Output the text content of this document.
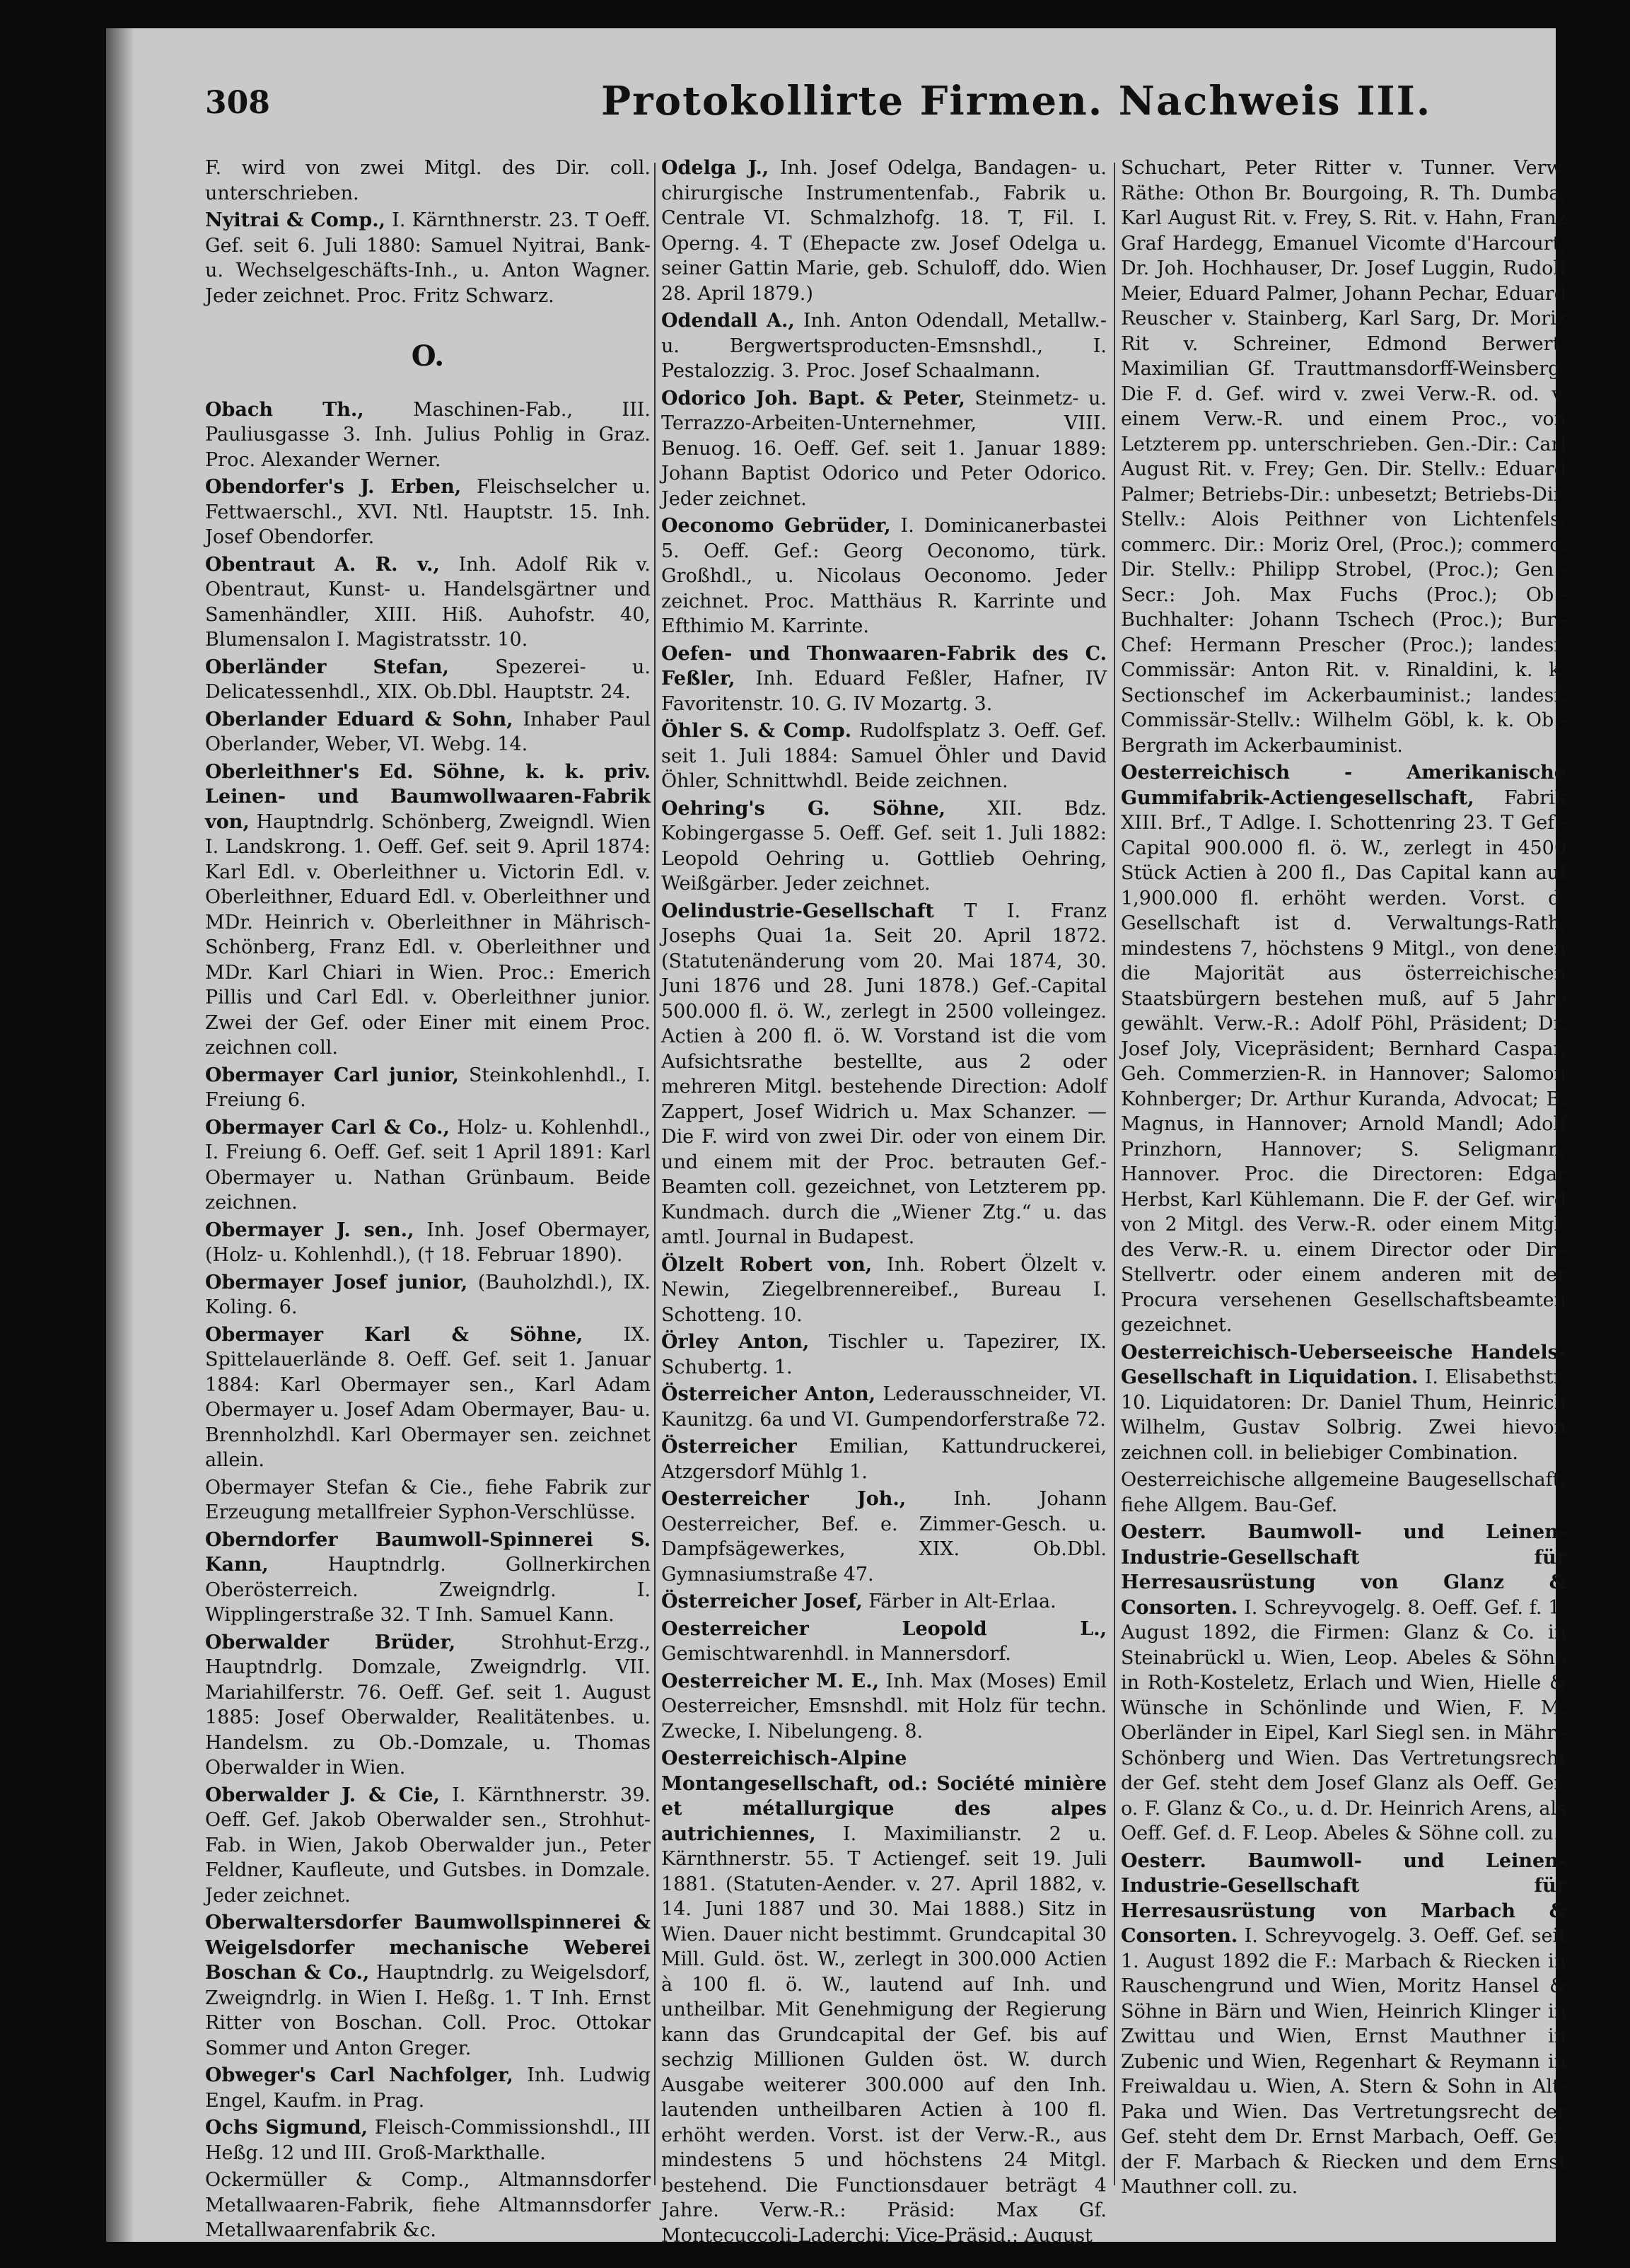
308	Protokollirte Firmen. Nachweis III.

F. wird von zwei Mitgl. des Dir. coll. unterschrieben.

Nyitrai & Comp., I. Kärnthnerstr. 23. T Oeff. Gef. seit 6. Juli 1880: Samuel Nyitrai, Bank- u. Wechselgeschäfts-Inh., u. Anton Wagner. Jeder zeichnet. Proc. Fritz Schwarz.

O.

Obach Th.,	Maschinen-Fab., III. Pauliusgasse 3. Inh. Julius Pohlig in Graz. Proc. Alexander Werner.

Obendorfer's J. Erben, Fleischselcher u. Fettwaerschl., XVI. Ntl. Hauptstr. 15. Inh. Josef Obendorfer.

Obentraut A. R. v., Inh. Adolf Rik v. Obentraut, Kunst- u. Handelsgärtner und Samenhändler, XIII. Hiß. Auhofstr. 40, Blumensalon I. Magistratsstr. 10.

Oberländer Stefan, Spezerei- u. Delicatessenhdl., XIX. Ob.Dbl. Hauptstr. 24.

Oberlander Eduard & Sohn, Inhaber Paul Oberlander, Weber, VI. Webg. 14.

Oberleithner's Ed. Söhne, k. k. priv. Leinen- und Baumwollwaaren-Fabrik von, Hauptndrlg. Schönberg, Zweigndl. Wien I. Landskrong. 1. Oeff. Gef. seit 9. April 1874: Karl Edl. v. Oberleithner u. Victorin Edl. v. Oberleithner, Eduard Edl. v. Oberleithner und MDr. Heinrich v. Oberleithner in Mährisch-Schönberg, Franz Edl. v. Oberleithner und MDr. Karl Chiari in Wien. Proc.: Emerich Pillis und Carl Edl. v. Oberleithner junior. Zwei der Gef. oder Einer mit einem Proc. zeichnen coll.

Obermayer Carl junior, Steinkohlenhdl., I. Freiung 6.

Obermayer Carl & Co., Holz- u. Kohlenhdl., I. Freiung 6. Oeff. Gef. seit 1 April 1891: Karl Obermayer u. Nathan Grünbaum. Beide zeichnen.

Obermayer J. sen., Inh. Josef Obermayer, (Holz- u. Kohlenhdl.), († 18. Februar 1890).

Obermayer Josef junior, (Bauholzhdl.), IX. Koling. 6.

Obermayer Karl & Söhne, IX. Spittelauerlände 8. Oeff. Gef. seit 1. Januar 1884: Karl Obermayer sen., Karl Adam Obermayer u. Josef Adam Obermayer, Bau- u. Brennholzhdl. Karl Obermayer sen. zeichnet allein.

Obermayer Stefan & Cie., fiehe Fabrik zur Erzeugung metallfreier Syphon-Verschlüsse.

Oberndorfer Baumwoll-Spinnerei S. Kann,	Hauptndrlg. Gollnerkirchen Oberösterreich. Zweigndrlg. I. Wipplingerstraße 32. T Inh. Samuel Kann.

Oberwalder Brüder, Strohhut-Erzg., Hauptndrlg. Domzale, Zweigndrlg. VII. Mariahilferstr. 76. Oeff. Gef. seit 1. August 1885: Josef Oberwalder, Realitätenbes. u. Handelsm. zu Ob.-Domzale, u. Thomas Oberwalder in Wien.

Oberwalder J. & Cie, I. Kärnthnerstr. 39. Oeff. Gef. Jakob Oberwalder sen., Strohhut-Fab. in Wien, Jakob Oberwalder jun., Peter Feldner, Kaufleute, und Gutsbes. in Domzale. Jeder zeichnet.

Oberwaltersdorfer Baumwollspinnerei & Weigelsdorfer mechanische Weberei Boschan & Co., Hauptndrlg. zu Weigelsdorf, Zweigndrlg. in Wien I. Heßg. 1. T Inh. Ernst Ritter von Boschan. Coll. Proc. Ottokar Sommer und Anton Greger.

Obweger's Carl Nachfolger, Inh. Ludwig Engel, Kaufm. in Prag.

Ochs Sigmund, Fleisch-Commissionshdl., III Heßg. 12 und III. Groß-Markthalle.

Ockermüller & Comp., Altmannsdorfer Metallwaaren-Fabrik, fiehe Altmannsdorfer Metallwaarenfabrik &c.

Odelga J., Inh. Josef Odelga, Bandagen- u. chirurgische Instrumentenfab., Fabrik u. Centrale VI. Schmalzhofg. 18. T, Fil. I. Operng. 4. T (Ehepacte zw. Josef Odelga u. seiner Gattin Marie, geb. Schuloff, ddo. Wien 28. April 1879.)

Odendall A., Inh. Anton Odendall, Metallw.- u. Bergwertsproducten-Emsnshdl., I. Pestalozzig. 3. Proc. Josef Schaalmann.

Odorico Joh. Bapt. & Peter, Steinmetz- u. Terrazzo-Arbeiten-Unternehmer, VIII. Benuog. 16. Oeff. Gef. seit 1. Januar 1889: Johann Baptist Odorico und Peter Odorico. Jeder zeichnet.

Oeconomo Gebrüder, I. Dominicanerbastei 5. Oeff. Gef.: Georg Oeconomo, türk. Großhdl., u. Nicolaus Oeconomo. Jeder zeichnet. Proc. Matthäus R. Karrinte und Efthimio M. Karrinte.

Oefen- und Thonwaaren-Fabrik des C. Feßler, Inh. Eduard Feßler, Hafner, IV Favoritenstr. 10. G. IV Mozartg. 3.

Öhler S. & Comp. Rudolfsplatz 3. Oeff. Gef. seit 1. Juli 1884: Samuel Öhler und David Öhler, Schnittwhdl. Beide zeichnen.

Oehring's G. Söhne, XII. Bdz. Kobingergasse 5. Oeff. Gef. seit 1. Juli 1882: Leopold Oehring u. Gottlieb Oehring, Weißgärber. Jeder zeichnet.

Oelindustrie-Gesellschaft T I. Franz Josephs Quai 1a. Seit 20. April 1872. (Statutenänderung vom 20. Mai 1874, 30. Juni 1876 und 28. Juni 1878.) Gef.-Capital 500.000 fl. ö. W., zerlegt in 2500 volleingez. Actien à 200 fl. ö. W. Vorstand ist die vom Aufsichtsrathe bestellte, aus 2 oder mehreren Mitgl. bestehende Direction: Adolf Zappert, Josef Widrich u. Max Schanzer. — Die F. wird von zwei Dir. oder von einem Dir. und einem mit der Proc. betrauten Gef.-Beamten coll. gezeichnet, von Letzterem pp. Kundmach. durch die „Wiener Ztg.“ u. das amtl. Journal in Budapest.

Ölzelt Robert von, Inh. Robert Ölzelt v. Newin, Ziegelbrennereibef., Bureau I. Schotteng. 10.

Örley Anton, Tischler u. Tapezirer, IX. Schubertg. 1.

Österreicher Anton, Lederausschneider, VI. Kaunitzg. 6a und VI. Gumpendorferstraße 72.

Österreicher Emilian, Kattundruckerei, Atzgersdorf Mühlg 1.

Oesterreicher Joh., Inh. Johann Oesterreicher, Bef. e. Zimmer-Gesch. u. Dampfsägewerkes, XIX. Ob.Dbl. Gymnasiumstraße 47.

Österreicher Josef, Färber in Alt-Erlaa.

Oesterreicher Leopold L., Gemischtwarenhdl. in Mannersdorf.

Oesterreicher M. E., Inh. Max (Moses) Emil Oesterreicher, Emsnshdl. mit Holz für techn. Zwecke, I. Nibelungeng. 8.

Oesterreichisch-Alpine Montangesellschaft, od.: Société minière et métallurgique des alpes autrichiennes, I. Maximilianstr. 2 u. Kärnthnerstr. 55. T Actiengef. seit 19. Juli 1881. (Statuten-Aender. v. 27. April 1882, v. 14. Juni 1887 und 30. Mai 1888.) Sitz in Wien. Dauer nicht bestimmt. Grundcapital 30 Mill. Guld. öst. W., zerlegt in 300.000 Actien à 100 fl. ö. W., lautend auf Inh. und untheilbar. Mit Genehmigung der Regierung kann das Grundcapital der Gef. bis auf sechzig Millionen Gulden öst. W. durch Ausgabe weiterer 300.000 auf den Inh. lautenden untheilbaren Actien à 100 fl. erhöht werden. Vorst. ist der Verw.-R., aus mindestens 5 und höchstens 24 Mitgl. bestehend. Die Functionsdauer beträgt 4 Jahre. Verw.-R.: Präsid: Max Gf. Montecuccoli-Laderchi; Vice-Präsid.: August

Schuchart, Peter Ritter v. Tunner. Verw. Räthe: Othon Br. Bourgoing, R. Th. Dumba, Karl August Rit. v. Frey, S. Rit. v. Hahn, Franz Graf Hardegg, Emanuel Vicomte d'Harcourt, Dr. Joh. Hochhauser, Dr. Josef Luggin, Rudolf Meier, Eduard Palmer, Johann Pechar, Eduard Reuscher v. Stainberg, Karl Sarg, Dr. Moriz Rit v. Schreiner, Edmond Berwert, Maximilian Gf. Trauttmansdorff-Weinsberg. Die F. d. Gef. wird v. zwei Verw.-R. od. v. einem Verw.-R. und einem Proc., von Letzterem pp. unterschrieben. Gen.-Dir.: Carl August Rit. v. Frey; Gen. Dir. Stellv.: Eduard Palmer; Betriebs-Dir.: unbesetzt; Betriebs-Dir. Stellv.: Alois Peithner von Lichtenfels; commerc. Dir.: Moriz Orel, (Proc.); commerc. Dir. Stellv.: Philipp Strobel, (Proc.); Gen.-Secr.: Joh. Max Fuchs (Proc.); Ob.-Buchhalter: Johann Tschech (Proc.); Bur.-Chef: Hermann Prescher (Proc.); landesf. Commissär: Anton Rit. v. Rinaldini, k. k. Sectionschef im Ackerbauminist.; landesf. Commissär-Stellv.: Wilhelm Göbl, k. k. Ob.-Bergrath im Ackerbauminist.

Oesterreichisch - Amerikanische Gummifabrik-Actiengesellschaft, Fabrik XIII. Brf., T Adlge. I. Schottenring 23. T Gef.-Capital 900.000 fl. ö. W., zerlegt in 4500 Stück Actien à 200 fl., Das Capital kann auf 1,900.000 fl. erhöht werden. Vorst. d. Gesellschaft ist d. Verwaltungs-Rath, mindestens 7, höchstens 9 Mitgl., von denen die Majorität aus österreichischen Staatsbürgern bestehen muß, auf 5 Jahre gewählt. Verw.-R.: Adolf Pöhl, Präsident; Dr. Josef Joly, Vicepräsident; Bernhard Caspar, Geh. Commerzien-R. in Hannover; Salomon Kohnberger; Dr. Arthur Kuranda, Advocat; B. Magnus, in Hannover; Arnold Mandl; Adolf Prinzhorn, Hannover; S. Seligmann, Hannover. Proc. die Directoren: Edgar Herbst, Karl Kühlemann. Die F. der Gef. wird von 2 Mitgl. des Verw.-R. oder einem Mitgl. des Verw.-R. u. einem Director oder Dir.-Stellvertr. oder einem anderen mit der Procura versehenen Gesellschaftsbeamten gezeichnet.

Oesterreichisch-Ueberseeische Handels-Gesellschaft in Liquidation. I. Elisabethstr. 10. Liquidatoren: Dr. Daniel Thum, Heinrich Wilhelm, Gustav Solbrig. Zwei hievon zeichnen coll. in beliebiger Combination.

Oesterreichische allgemeine Baugesellschaft, fiehe Allgem. Bau-Gef.

Oesterr. Baumwoll- und Leinen-Industrie-Gesellschaft für Herresausrüstung von Glanz & Consorten. I. Schreyvogelg. 8. Oeff. Gef. f. 1. August 1892, die Firmen: Glanz & Co. in Steinabrückl u. Wien, Leop. Abeles & Söhne in Roth-Kosteletz, Erlach und Wien, Hielle & Wünsche in Schönlinde und Wien, F. M. Oberländer in Eipel, Karl Siegl sen. in Mähr.-Schönberg und Wien. Das Vertretungsrecht der Gef. steht dem Josef Glanz als Oeff. Gef. o. F. Glanz & Co., u. d. Dr. Heinrich Arens, als Oeff. Gef. d. F. Leop. Abeles & Söhne coll. zu.

Oesterr. Baumwoll- und Leinen-Industrie-Gesellschaft für Herresausrüstung von Marbach & Consorten. I. Schreyvogelg. 3. Oeff. Gef. seit 1. August 1892 die F.: Marbach & Riecken in Rauschengrund und Wien, Moritz Hansel & Söhne in Bärn und Wien, Heinrich Klinger in Zwittau und Wien, Ernst Mauthner in Zubenic und Wien, Regenhart & Reymann in Freiwaldau u. Wien, A. Stern & Sohn in Alt-Paka und Wien. Das Vertretungsrecht der Gef. steht dem Dr. Ernst Marbach, Oeff. Gef. der F. Marbach & Riecken und dem Ernst Mauthner coll. zu.
